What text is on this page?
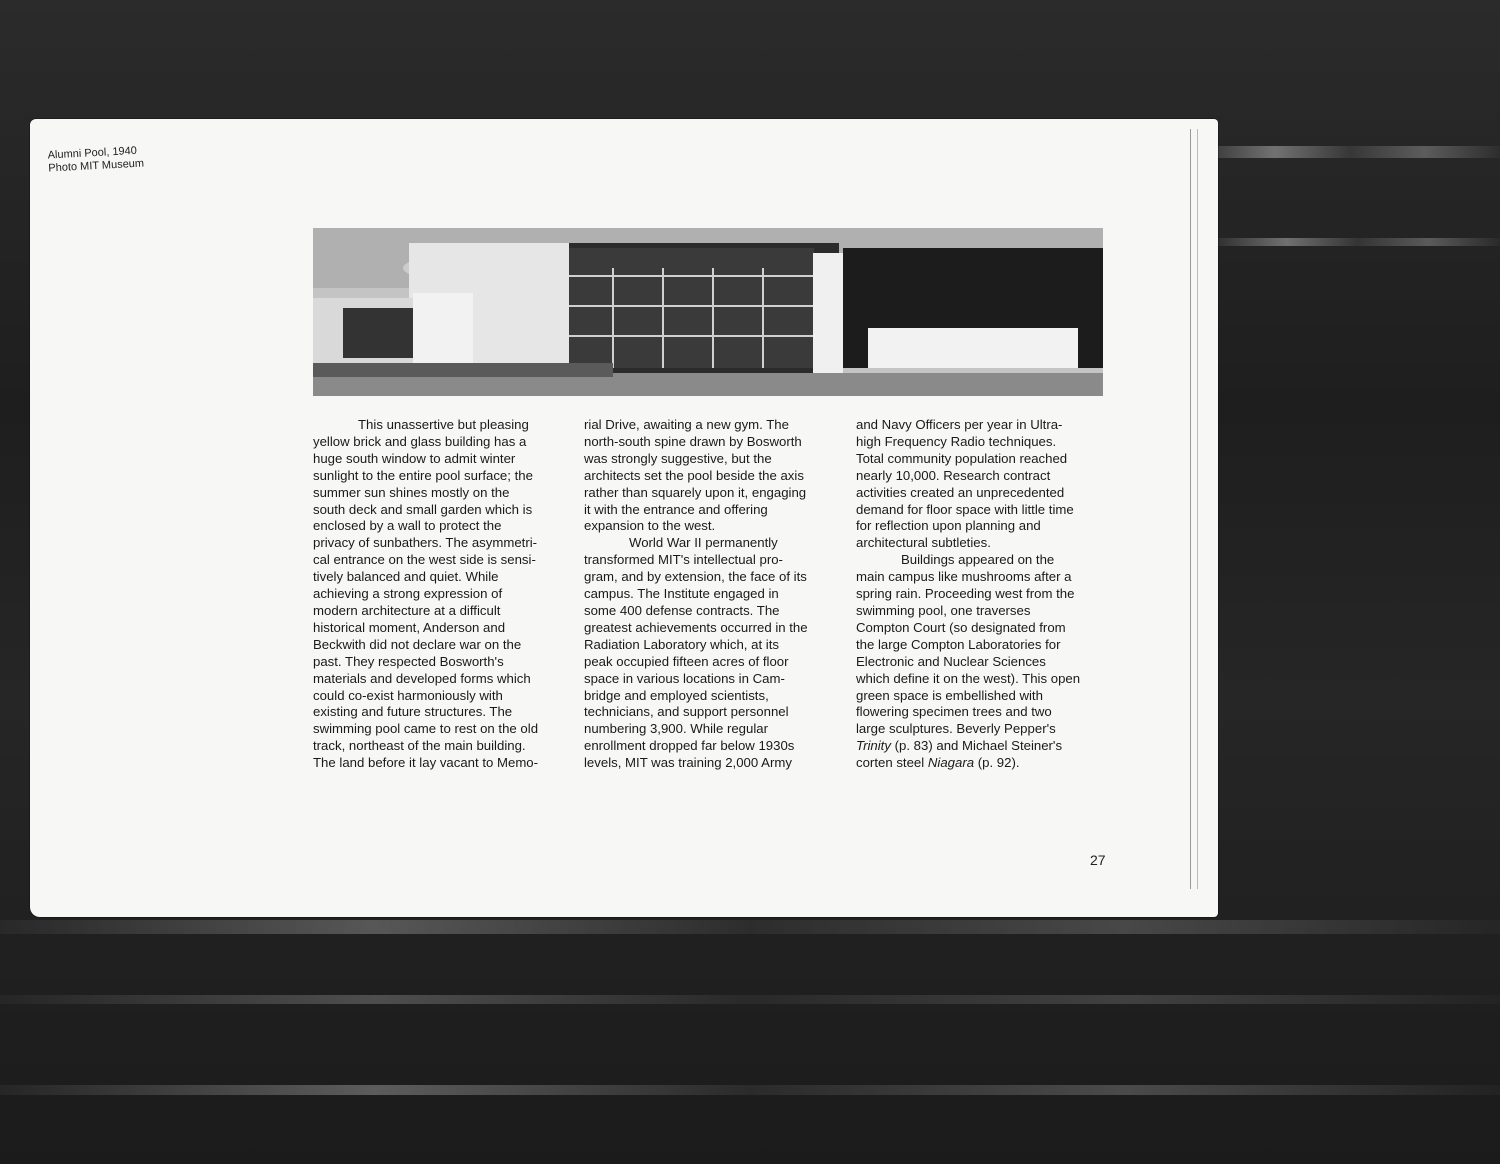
Alumni Pool, 1940
Photo MIT Museum

This unassertive but pleasing
yellow brick and glass building has a
huge south window to admit winter
sunlight to the entire pool surface; the
summer sun shines mostly on the
south deck and small garden which is
enclosed by a wall to protect the
privacy of sunbathers. The asymmetri-
cal entrance on the west side is sensi-
tively balanced and quiet. While
achieving a strong expression of
modern architecture at a difficult
historical moment, Anderson and
Beckwith did not declare war on the
past. They respected Bosworth's
materials and developed forms which
could co-exist harmoniously with
existing and future structures. The
swimming pool came to rest on the old
track, northeast of the main building.
The land before it lay vacant to Memo-

rial Drive, awaiting a new gym. The
north-south spine drawn by Bosworth
was strongly suggestive, but the
architects set the pool beside the axis
rather than squarely upon it, engaging
it with the entrance and offering
expansion to the west.

World War II permanently
transformed MIT's intellectual pro-
gram, and by extension, the face of its
campus. The Institute engaged in
some 400 defense contracts. The
greatest achievements occurred in the
Radiation Laboratory which, at its
peak occupied fifteen acres of floor
space in various locations in Cam-
bridge and employed scientists,
technicians, and support personnel
numbering 3,900. While regular
enrollment dropped far below 1930s
levels, MIT was training 2,000 Army

and Navy Officers per year in Ultra-
high Frequency Radio techniques.
Total community population reached
nearly 10,000. Research contract
activities created an unprecedented
demand for floor space with little time
for reflection upon planning and
architectural subtleties.

Buildings appeared on the
main campus like mushrooms after a
spring rain. Proceeding west from the
swimming pool, one traverses
Compton Court (so designated from
the large Compton Laboratories for
Electronic and Nuclear Sciences
which define it on the west). This open
green space is embellished with
flowering specimen trees and two
large sculptures. Beverly Pepper's
Trinity (p. 83) and Michael Steiner's
corten steel Niagara (p. 92).

27
